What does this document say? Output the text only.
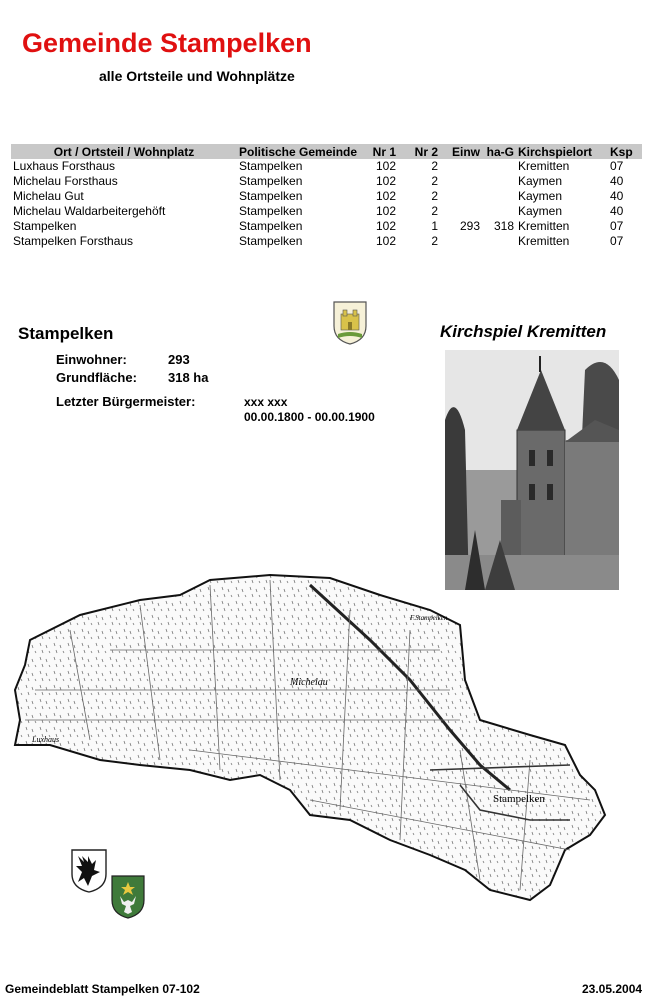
Gemeinde Stampelken
alle Ortsteile und Wohnplätze
Ort / Ortsteil / Wohnplatz	Politische Gemeinde	Nr 1	Nr 2	Einw	ha-G	Kirchspielort	Ksp
Luxhaus Forsthaus	Stampelken	102	2			Kremitten	07
Michelau Forsthaus	Stampelken	102	2			Kaymen	40
Michelau Gut	Stampelken	102	2			Kaymen	40
Michelau Waldarbeitergehöft	Stampelken	102	2			Kaymen	40
Stampelken	Stampelken	102	1	293	318	Kremitten	07
Stampelken Forsthaus	Stampelken	102	2			Kremitten	07
Stampelken
Einwohner:	293
Grundfläche: 318 ha
Letzter Bürgermeister:	xxx xxx
00.00.1800 - 00.00.1900
Kirchspiel Kremitten
Michelau
Stampelken
Luxhaus
F.Stampelken
Gemeindeblatt Stampelken 07-102	23.05.2004
